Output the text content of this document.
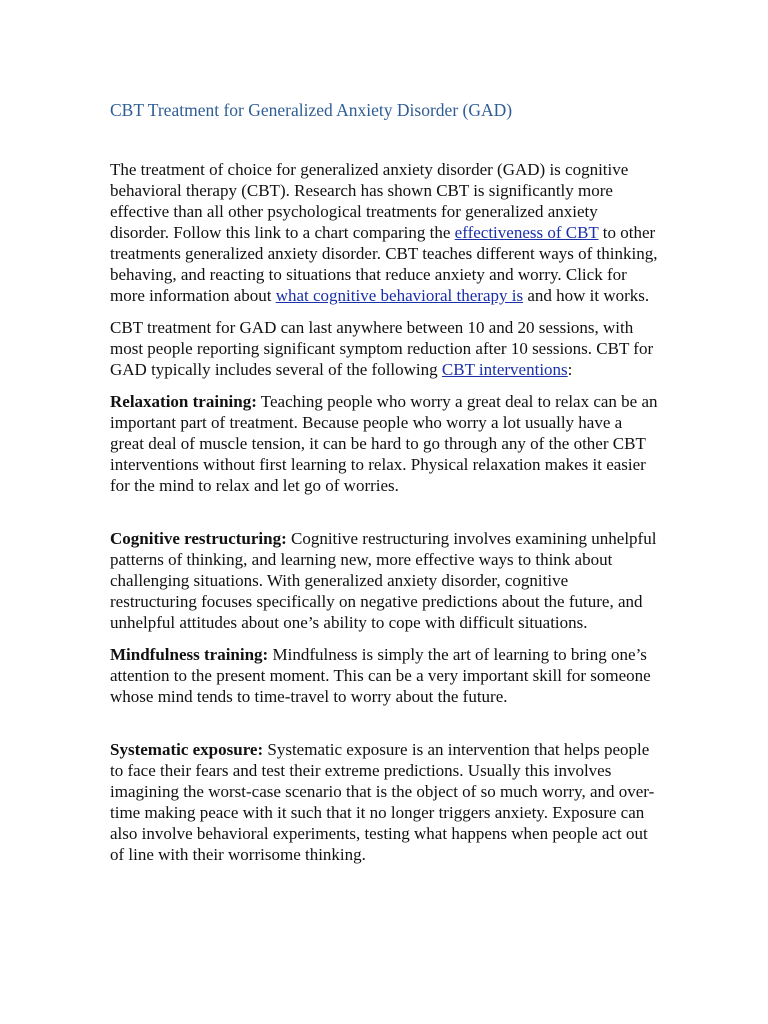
CBT Treatment for Generalized Anxiety Disorder (GAD)

The treatment of choice for generalized anxiety disorder (GAD) is cognitive behavioral therapy (CBT). Research has shown CBT is significantly more effective than all other psychological treatments for generalized anxiety disorder. Follow this link to a chart comparing the effectiveness of CBT to other treatments generalized anxiety disorder. CBT teaches different ways of thinking, behaving, and reacting to situations that reduce anxiety and worry. Click for more information about what cognitive behavioral therapy is and how it works.

CBT treatment for GAD can last anywhere between 10 and 20 sessions, with most people reporting significant symptom reduction after 10 sessions. CBT for GAD typically includes several of the following CBT interventions:

Relaxation training: Teaching people who worry a great deal to relax can be an important part of treatment. Because people who worry a lot usually have a great deal of muscle tension, it can be hard to go through any of the other CBT interventions without first learning to relax. Physical relaxation makes it easier for the mind to relax and let go of worries.

Cognitive restructuring: Cognitive restructuring involves examining unhelpful patterns of thinking, and learning new, more effective ways to think about challenging situations. With generalized anxiety disorder, cognitive restructuring focuses specifically on negative predictions about the future, and unhelpful attitudes about one’s ability to cope with difficult situations.

Mindfulness training: Mindfulness is simply the art of learning to bring one’s attention to the present moment. This can be a very important skill for someone whose mind tends to time-travel to worry about the future.

Systematic exposure: Systematic exposure is an intervention that helps people to face their fears and test their extreme predictions. Usually this involves imagining the worst-case scenario that is the object of so much worry, and over-time making peace with it such that it no longer triggers anxiety. Exposure can also involve behavioral experiments, testing what happens when people act out of line with their worrisome thinking.
